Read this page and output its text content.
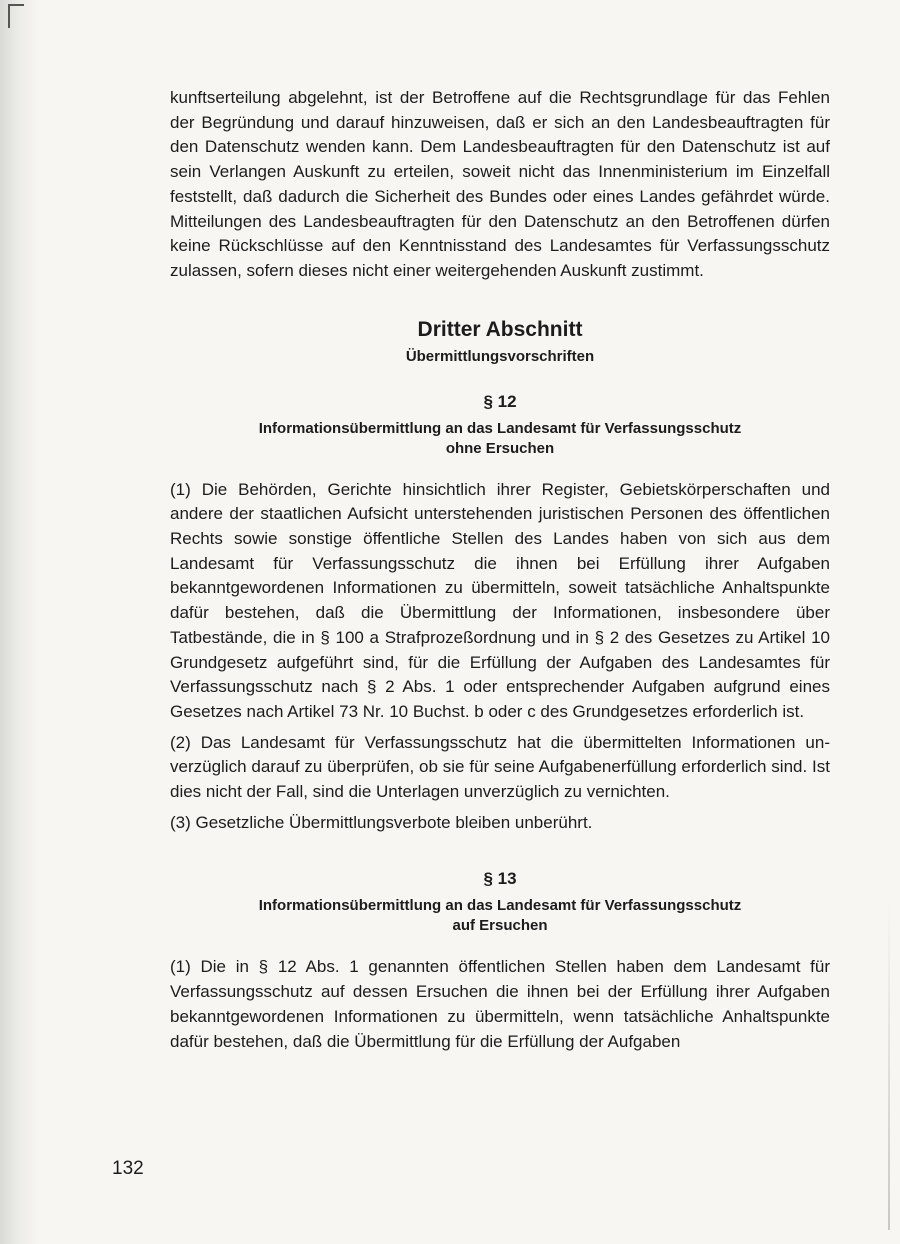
kunftserteilung abgelehnt, ist der Betroffene auf die Rechtsgrundlage für das Fehlen der Begründung und darauf hinzuweisen, daß er sich an den Landesbeauftragten für den Datenschutz wenden kann. Dem Landesbeauftragten für den Datenschutz ist auf sein Verlangen Auskunft zu erteilen, soweit nicht das Innenministerium im Einzelfall feststellt, daß dadurch die Sicherheit des Bundes oder eines Landes gefährdet würde. Mitteilungen des Landesbeauftragten für den Datenschutz an den Betroffenen dürfen keine Rückschlüsse auf den Kenntnisstand des Landesamtes für Verfassungsschutz zulassen, sofern dieses nicht einer weitergehenden Auskunft zustimmt.

Dritter Abschnitt
Übermittlungsvorschriften
§ 12
Informationsübermittlung an das Landesamt für Verfassungsschutz
ohne Ersuchen

(1) Die Behörden, Gerichte hinsichtlich ihrer Register, Gebietskörperschaften und andere der staatlichen Aufsicht unterstehenden juristischen Personen des öffentlichen Rechts sowie sonstige öffentliche Stellen des Landes haben von sich aus dem Landesamt für Verfassungsschutz die ihnen bei Erfüllung ihrer Aufgaben bekanntgewordenen Informationen zu übermitteln, soweit tatsächliche Anhaltspunkte dafür bestehen, daß die Übermittlung der Informationen, insbesondere über Tatbestände, die in § 100 a Strafprozeßordnung und in § 2 des Gesetzes zu Artikel 10 Grundgesetz aufgeführt sind, für die Erfüllung der Aufgaben des Landesamtes für Verfassungsschutz nach § 2 Abs. 1 oder entsprechender Aufgaben aufgrund eines Gesetzes nach Artikel 73 Nr. 10 Buchst. b oder c des Grundgesetzes erforderlich ist.

(2) Das Landesamt für Verfassungsschutz hat die übermittelten Informationen unverzüglich darauf zu überprüfen, ob sie für seine Aufgabenerfüllung erforderlich sind. Ist dies nicht der Fall, sind die Unterlagen unverzüglich zu vernichten.

(3) Gesetzliche Übermittlungsverbote bleiben unberührt.

§ 13
Informationsübermittlung an das Landesamt für Verfassungsschutz
auf Ersuchen

(1) Die in § 12 Abs. 1 genannten öffentlichen Stellen haben dem Landesamt für Verfassungsschutz auf dessen Ersuchen die ihnen bei der Erfüllung ihrer Aufgaben bekanntgewordenen Informationen zu übermitteln, wenn tatsächliche Anhaltspunkte dafür bestehen, daß die Übermittlung für die Erfüllung der Aufgaben

132
